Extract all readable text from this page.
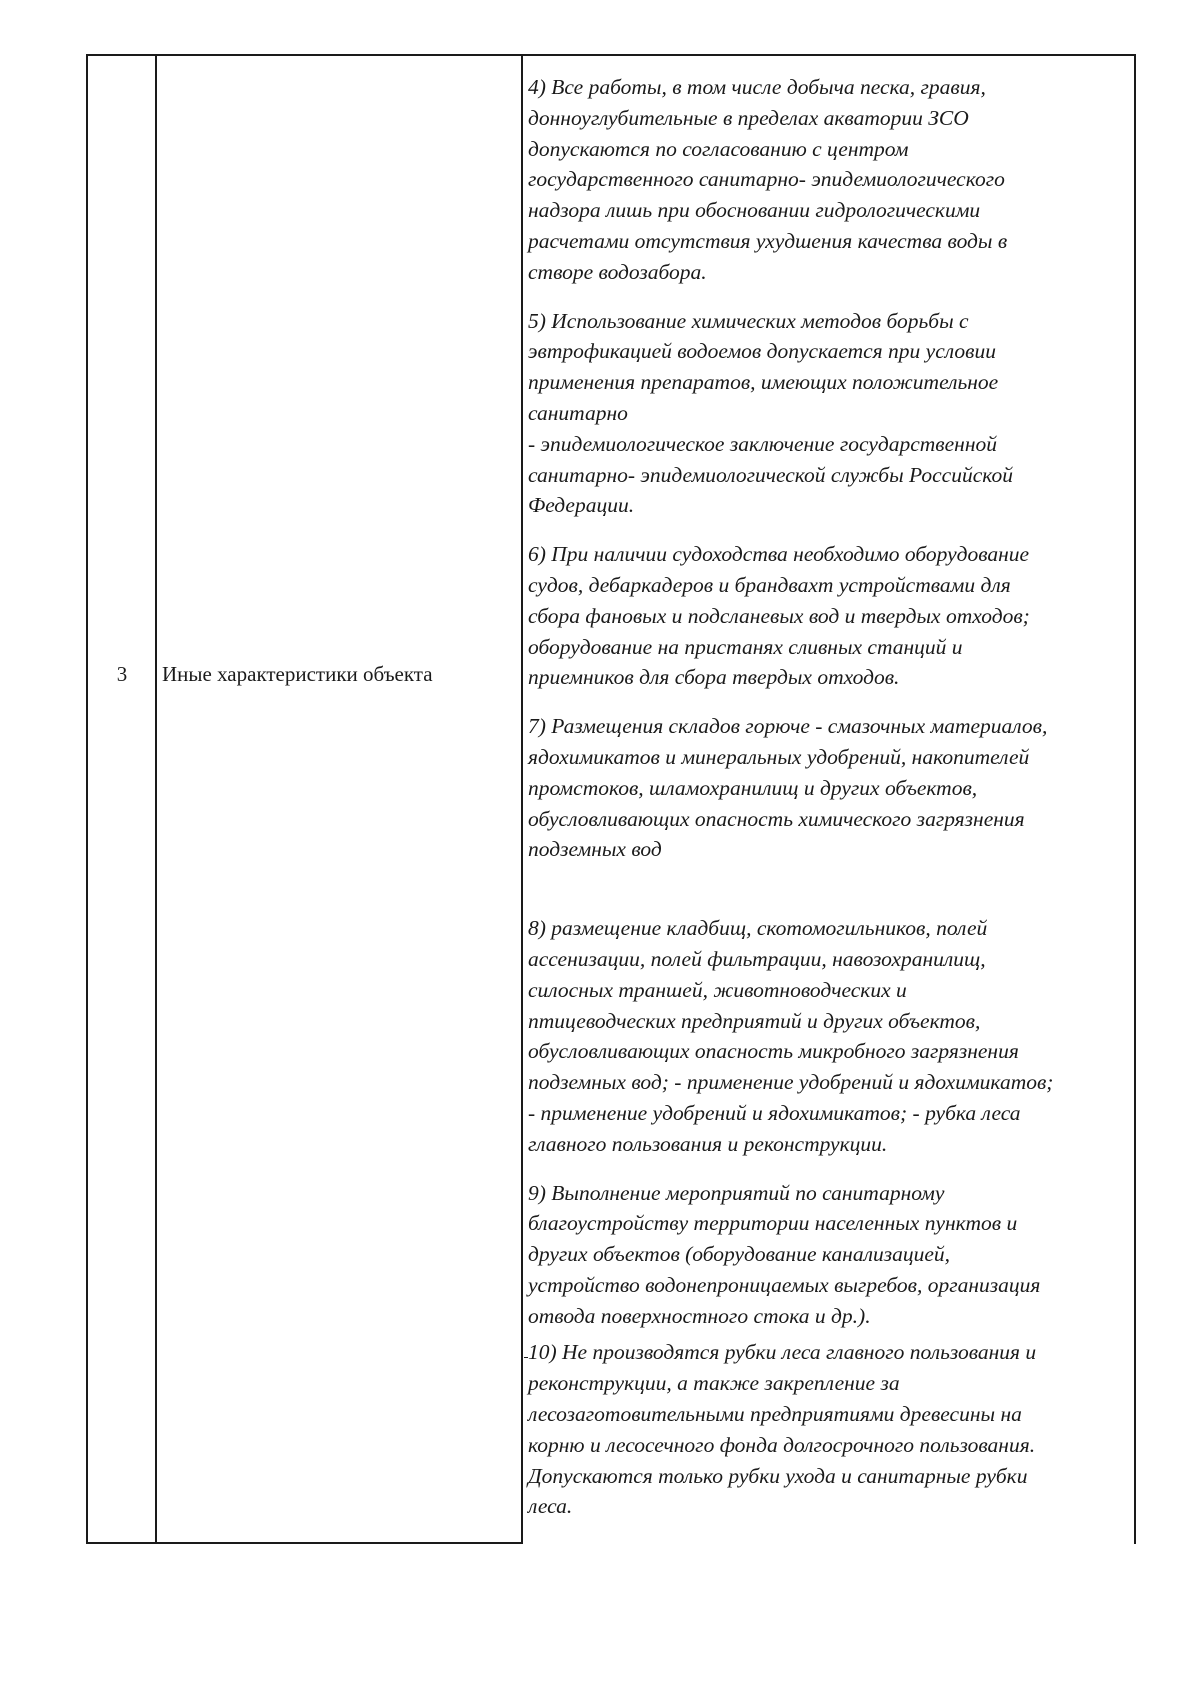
3	Иные характеристики объекта

4) Все работы, в том числе добыча песка, гравия,
донноуглубительные в пределах акватории ЗСО
допускаются по согласованию с центром
государственного санитарно- эпидемиологического
надзора лишь при обосновании гидрологическими
расчетами отсутствия ухудшения качества воды в
створе водозабора.

5) Использование химических методов борьбы с
эвтрофикацией водоемов допускается при условии
применения препаратов, имеющих положительное
санитарно
- эпидемиологическое заключение государственной
санитарно- эпидемиологической службы Российской
Федерации.

6) При наличии судоходства необходимо оборудование
судов, дебаркадеров и брандвахт устройствами для
сбора фановых и подсланевых вод и твердых отходов;
оборудование на пристанях сливных станций и
приемников для сбора твердых отходов.

7) Размещения складов горюче - смазочных материалов,
ядохимикатов и минеральных удобрений, накопителей
промстоков, шламохранилищ и других объектов,
обусловливающих опасность химического загрязнения
подземных вод

8) размещение кладбищ, скотомогильников, полей
ассенизации, полей фильтрации, навозохранилищ,
силосных траншей, животноводческих и
птицеводческих предприятий и других объектов,
обусловливающих опасность микробного загрязнения
подземных вод; - применение удобрений и ядохимикатов;
- применение удобрений и ядохимикатов; - рубка леса
главного пользования и реконструкции.

9) Выполнение мероприятий по санитарному
благоустройству территории населенных пунктов и
других объектов (оборудование канализацией,
устройство водонепроницаемых выгребов, организация
отвода поверхностного стока и др.).

10) Не производятся рубки леса главного пользования и
реконструкции, а также закрепление за
лесозаготовительными предприятиями древесины на
корню и лесосечного фонда долгосрочного пользования.
Допускаются только рубки ухода и санитарные рубки
леса.
